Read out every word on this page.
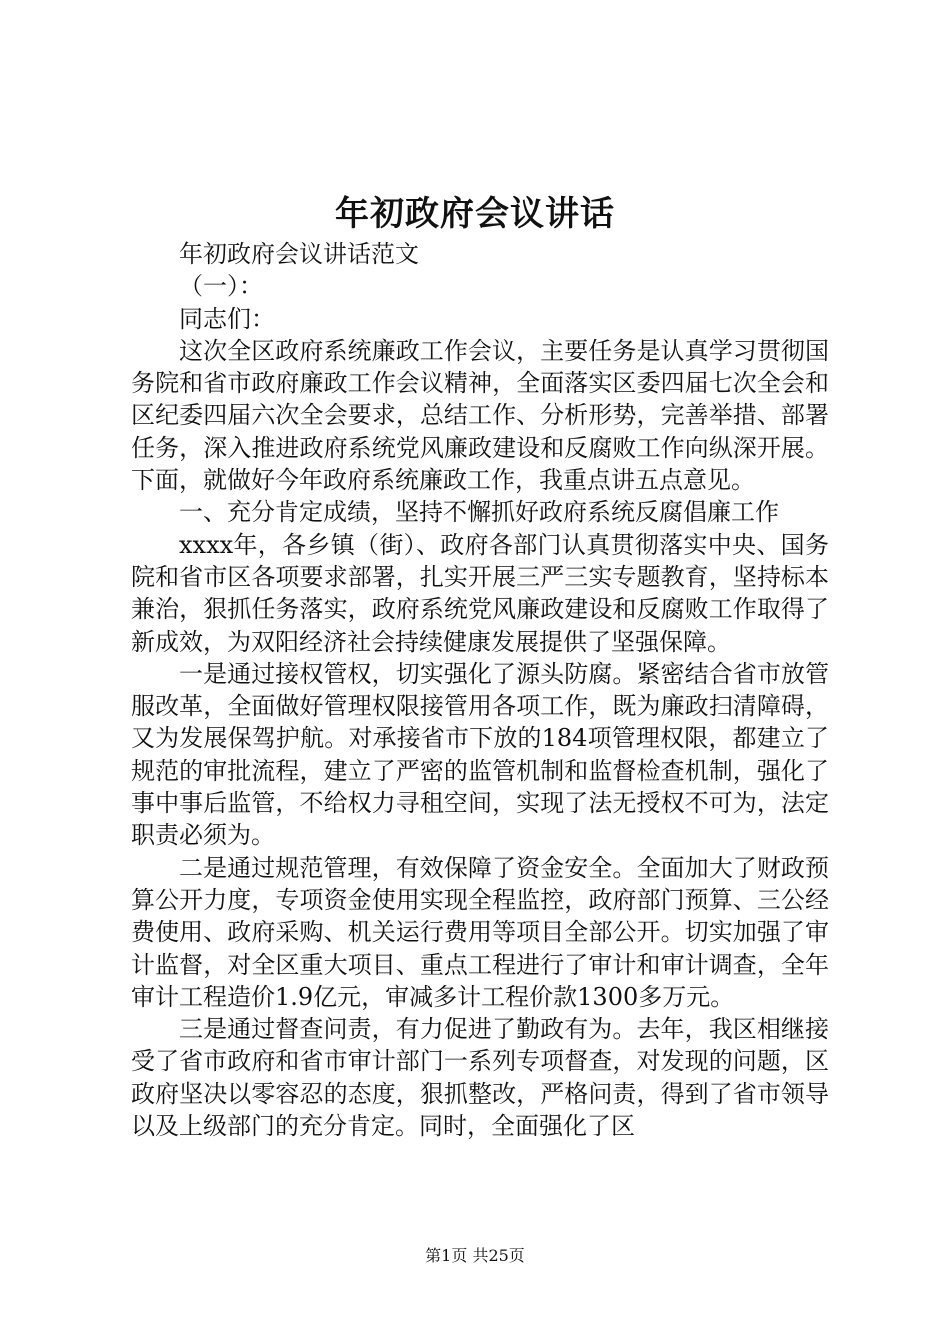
年初政府会议讲话

年初政府会议讲话范文

（一）：

同志们：

这次全区政府系统廉政工作会议，主要任务是认真学习贯彻国务院和省市政府廉政工作会议精神，全面落实区委四届七次全会和区纪委四届六次全会要求，总结工作、分析形势，完善举措、部署任务，深入推进政府系统党风廉政建设和反腐败工作向纵深开展。下面，就做好今年政府系统廉政工作，我重点讲五点意见。

一、充分肯定成绩，坚持不懈抓好政府系统反腐倡廉工作

xxxx年，各乡镇（街）、政府各部门认真贯彻落实中央、国务院和省市区各项要求部署，扎实开展三严三实专题教育，坚持标本兼治，狠抓任务落实，政府系统党风廉政建设和反腐败工作取得了新成效，为双阳经济社会持续健康发展提供了坚强保障。

一是通过接权管权，切实强化了源头防腐。紧密结合省市放管服改革，全面做好管理权限接管用各项工作，既为廉政扫清障碍，又为发展保驾护航。对承接省市下放的184项管理权限，都建立了规范的审批流程，建立了严密的监管机制和监督检查机制，强化了事中事后监管，不给权力寻租空间，实现了法无授权不可为，法定职责必须为。

二是通过规范管理，有效保障了资金安全。全面加大了财政预算公开力度，专项资金使用实现全程监控，政府部门预算、三公经费使用、政府采购、机关运行费用等项目全部公开。切实加强了审计监督，对全区重大项目、重点工程进行了审计和审计调查，全年审计工程造价1.9亿元，审减多计工程价款1300多万元。

三是通过督查问责，有力促进了勤政有为。去年，我区相继接受了省市政府和省市审计部门一系列专项督查，对发现的问题，区政府坚决以零容忍的态度，狠抓整改，严格问责，得到了省市领导以及上级部门的充分肯定。同时，全面强化了区

第1页 共25页
